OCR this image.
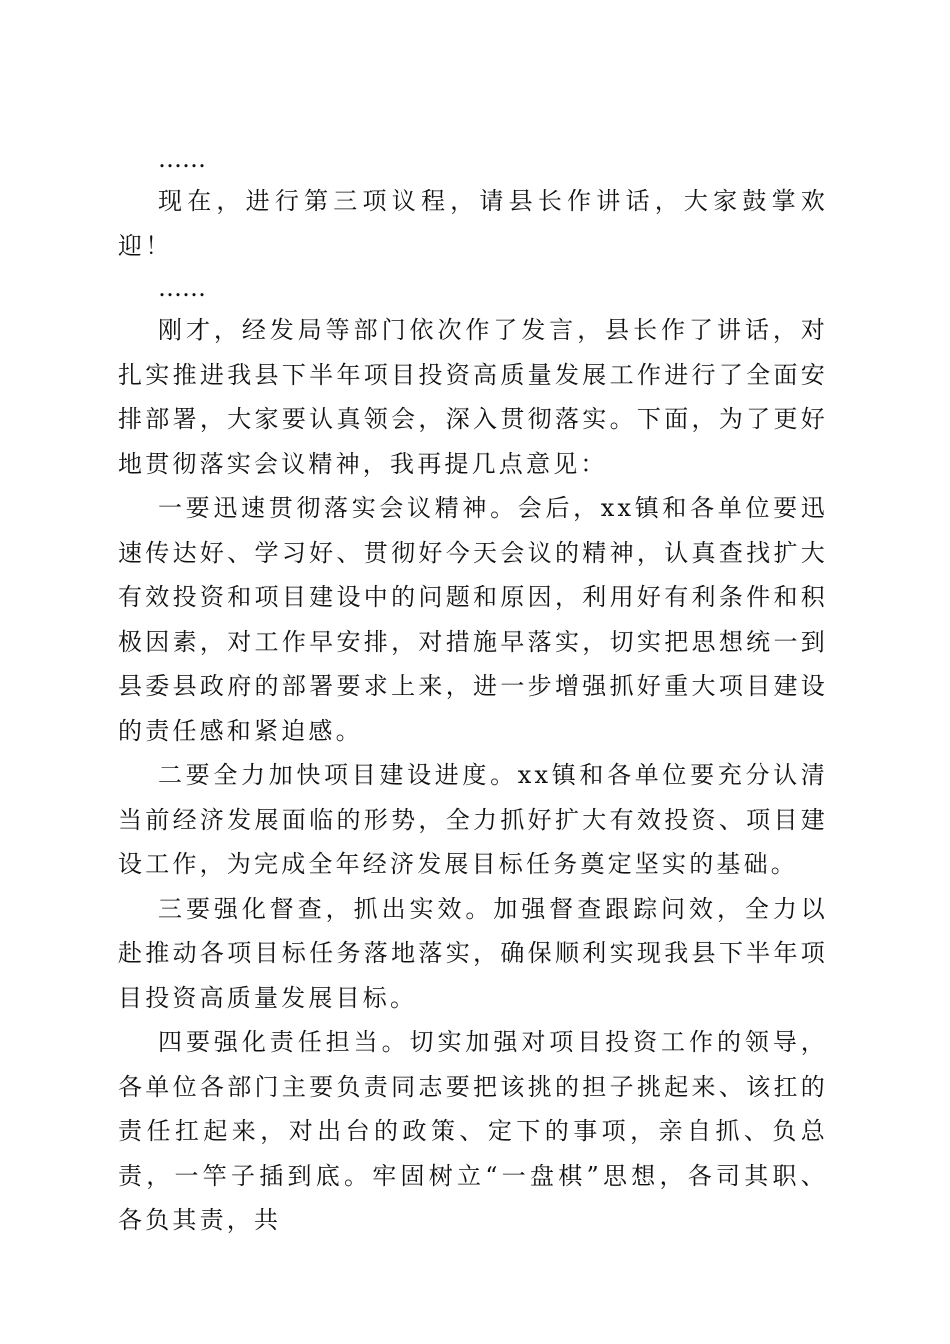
……

现在，进行第三项议程，请县长作讲话，大家鼓掌欢迎！

……

刚才，经发局等部门依次作了发言，县长作了讲话，对扎实推进我县下半年项目投资高质量发展工作进行了全面安排部署，大家要认真领会，深入贯彻落实。下面，为了更好地贯彻落实会议精神，我再提几点意见：

一要迅速贯彻落实会议精神。会后，xx镇和各单位要迅速传达好、学习好、贯彻好今天会议的精神，认真查找扩大有效投资和项目建设中的问题和原因，利用好有利条件和积极因素，对工作早安排，对措施早落实，切实把思想统一到县委县政府的部署要求上来，进一步增强抓好重大项目建设的责任感和紧迫感。

二要全力加快项目建设进度。xx镇和各单位要充分认清当前经济发展面临的形势，全力抓好扩大有效投资、项目建设工作，为完成全年经济发展目标任务奠定坚实的基础。

三要强化督查，抓出实效。加强督查跟踪问效，全力以赴推动各项目标任务落地落实，确保顺利实现我县下半年项目投资高质量发展目标。

四要强化责任担当。切实加强对项目投资工作的领导，各单位各部门主要负责同志要把该挑的担子挑起来、该扛的责任扛起来，对出台的政策、定下的事项，亲自抓、负总责，一竿子插到底。牢固树立“一盘棋”思想，各司其职、各负其责，共
